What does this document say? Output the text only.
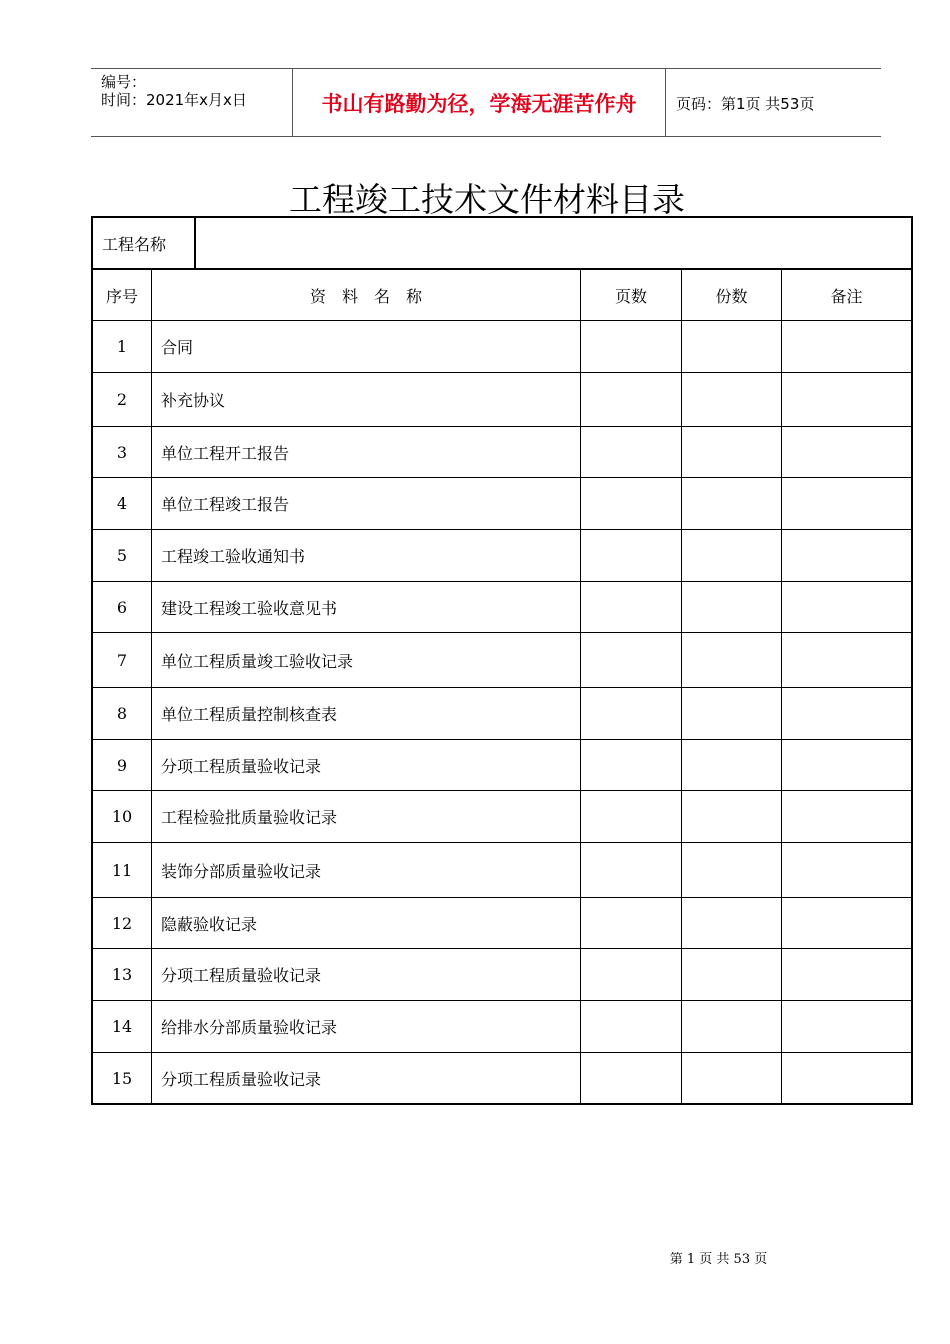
编号：
时间：2021年x月x日	书山有路勤为径，学海无涯苦作舟	页码：第1页 共53页
工程竣工技术文件材料目录
工程名称
序号	资　料　名　称	页数	份数	备注
1	合同
2	补充协议
3	单位工程开工报告
4	单位工程竣工报告
5	工程竣工验收通知书
6	建设工程竣工验收意见书
7	单位工程质量竣工验收记录
8	单位工程质量控制核查表
9	分项工程质量验收记录
10	工程检验批质量验收记录
11	装饰分部质量验收记录
12	隐蔽验收记录
13	分项工程质量验收记录
14	给排水分部质量验收记录
15	分项工程质量验收记录
第 1 页 共 53 页
